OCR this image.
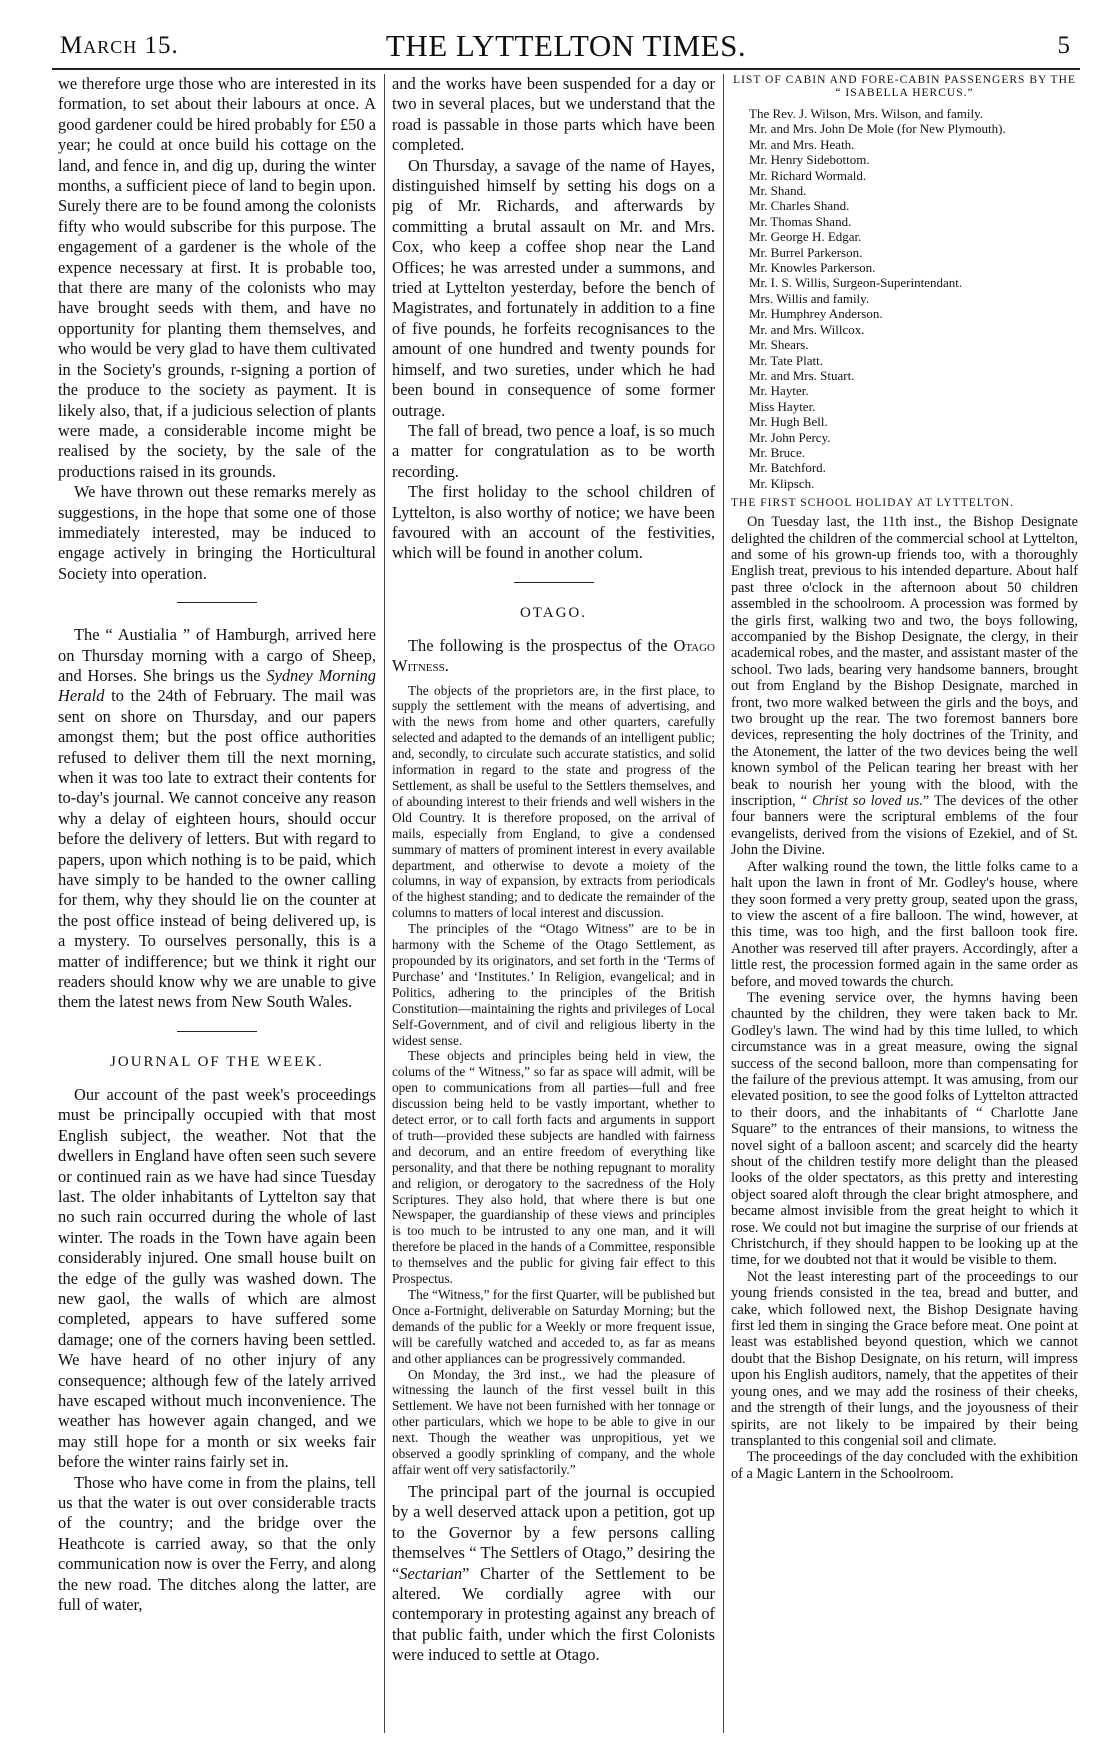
March 15.	THE LYTTELTON TIMES.	5

we therefore urge those who are interested in its formation, to set about their labours at once. A good gardener could be hired probably for £50 a year; he could at once build his cottage on the land, and fence in, and dig up, during the winter months, a sufficient piece of land to begin upon. Surely there are to be found among the colonists fifty who would subscribe for this purpose. The engagement of a gardener is the whole of the expence necessary at first. It is probable too, that there are many of the colonists who may have brought seeds with them, and have no opportunity for planting them themselves, and who would be very glad to have them cultivated in the Society's grounds, r-signing a portion of the produce to the society as payment. It is likely also, that, if a judicious selection of plants were made, a considerable income might be realised by the society, by the sale of the productions raised in its grounds.

We have thrown out these remarks merely as suggestions, in the hope that some one of those immediately interested, may be induced to engage actively in bringing the Horticultural Society into operation.

The “ Austialia ” of Hamburgh, arrived here on Thursday morning with a cargo of Sheep, and Horses. She brings us the Sydney Morning Herald to the 24th of February. The mail was sent on shore on Thursday, and our papers amongst them; but the post office authorities refused to deliver them till the next morning, when it was too late to extract their contents for to-day's journal. We cannot conceive any reason why a delay of eighteen hours, should occur before the delivery of letters. But with regard to papers, upon which nothing is to be paid, which have simply to be handed to the owner calling for them, why they should lie on the counter at the post office instead of being delivered up, is a mystery. To ourselves personally, this is a matter of indifference; but we think it right our readers should know why we are unable to give them the latest news from New South Wales.

JOURNAL OF THE WEEK.

Our account of the past week's proceedings must be principally occupied with that most English subject, the weather. Not that the dwellers in England have often seen such severe or continued rain as we have had since Tuesday last. The older inhabitants of Lyttelton say that no such rain occurred during the whole of last winter. The roads in the Town have again been considerably injured. One small house built on the edge of the gully was washed down. The new gaol, the walls of which are almost completed, appears to have suffered some damage; one of the corners having been settled. We have heard of no other injury of any consequence; although few of the lately arrived have escaped without much inconvenience. The weather has however again changed, and we may still hope for a month or six weeks fair before the winter rains fairly set in.

Those who have come in from the plains, tell us that the water is out over considerable tracts of the country; and the bridge over the Heathcote is carried away, so that the only communication now is over the Ferry, and along the new road. The ditches along the latter, are full of water,

and the works have been suspended for a day or two in several places, but we understand that the road is passable in those parts which have been completed.

On Thursday, a savage of the name of Hayes, distinguished himself by setting his dogs on a pig of Mr. Richards, and afterwards by committing a brutal assault on Mr. and Mrs. Cox, who keep a coffee shop near the Land Offices; he was arrested under a summons, and tried at Lyttelton yesterday, before the bench of Magistrates, and fortunately in addition to a fine of five pounds, he forfeits recognisances to the amount of one hundred and twenty pounds for himself, and two sureties, under which he had been bound in consequence of some former outrage.

The fall of bread, two pence a loaf, is so much a matter for congratulation as to be worth recording.

The first holiday to the school children of Lyttelton, is also worthy of notice; we have been favoured with an account of the festivities, which will be found in another colum.

OTAGO.

The following is the prospectus of the Otago Witness.

The objects of the proprietors are, in the first place, to supply the settlement with the means of advertising, and with the news from home and other quarters, carefully selected and adapted to the demands of an intelligent public; and, secondly, to circulate such accurate statistics, and solid information in regard to the state and progress of the Settlement, as shall be useful to the Settlers themselves, and of abounding interest to their friends and well wishers in the Old Country. It is therefore proposed, on the arrival of mails, especially from England, to give a condensed summary of matters of prominent interest in every available department, and otherwise to devote a moiety of the columns, in way of expansion, by extracts from periodicals of the highest standing; and to dedicate the remainder of the columns to matters of local interest and discussion.

The principles of the “Otago Witness” are to be in harmony with the Scheme of the Otago Settlement, as propounded by its originators, and set forth in the ‘Terms of Purchase’ and ‘Institutes.’ In Religion, evangelical; and in Politics, adhering to the principles of the British Constitution—maintaining the rights and privileges of Local Self-Government, and of civil and religious liberty in the widest sense.

These objects and principles being held in view, the colums of the “ Witness,” so far as space will admit, will be open to communications from all parties—full and free discussion being held to be vastly important, whether to detect error, or to call forth facts and arguments in support of truth—provided these subjects are handled with fairness and decorum, and an entire freedom of everything like personality, and that there be nothing repugnant to morality and religion, or derogatory to the sacredness of the Holy Scriptures. They also hold, that where there is but one Newspaper, the guardianship of these views and principles is too much to be intrusted to any one man, and it will therefore be placed in the hands of a Committee, responsible to themselves and the public for giving fair effect to this Prospectus.

The “Witness,” for the first Quarter, will be published but Once a-Fortnight, deliverable on Saturday Morning; but the demands of the public for a Weekly or more frequent issue, will be carefully watched and acceded to, as far as means and other appliances can be progressively commanded.

On Monday, the 3rd inst., we had the pleasure of witnessing the launch of the first vessel built in this Settlement. We have not been furnished with her tonnage or other particulars, which we hope to be able to give in our next. Though the weather was unpropitious, yet we observed a goodly sprinkling of company, and the whole affair went off very satisfactorily.”

The principal part of the journal is occupied by a well deserved attack upon a petition, got up to the Governor by a few persons calling themselves “ The Settlers of Otago,” desiring the “Sectarian” Charter of the Settlement to be altered. We cordially agree with our contemporary in protesting against any breach of that public faith, under which the first Colonists were induced to settle at Otago.

LIST OF CABIN AND FORE-CABIN PASSENGERS BY THE “ ISABELLA HERCUS.”
The Rev. J. Wilson, Mrs. Wilson, and family.
Mr. and Mrs. John De Mole (for New Plymouth).
Mr. and Mrs. Heath.
Mr. Henry Sidebottom.
Mr. Richard Wormald.
Mr. Shand.
Mr. Charles Shand.
Mr. Thomas Shand.
Mr. George H. Edgar.
Mr. Burrel Parkerson.
Mr. Knowles Parkerson.
Mr. I. S. Willis, Surgeon-Superintendant.
Mrs. Willis and family.
Mr. Humphrey Anderson.
Mr. and Mrs. Willcox.
Mr. Shears.
Mr. Tate Platt.
Mr. and Mrs. Stuart.
Mr. Hayter.
Miss Hayter.
Mr. Hugh Bell.
Mr. John Percy.
Mr. Bruce.
Mr. Batchford.
Mr. Klipsch.
THE FIRST SCHOOL HOLIDAY AT LYTTELTON.

On Tuesday last, the 11th inst., the Bishop Designate delighted the children of the commercial school at Lyttelton, and some of his grown-up friends too, with a thoroughly English treat, previous to his intended departure. About half past three o'clock in the afternoon about 50 children assembled in the schoolroom. A procession was formed by the girls first, walking two and two, the boys following, accompanied by the Bishop Designate, the clergy, in their academical robes, and the master, and assistant master of the school. Two lads, bearing very handsome banners, brought out from England by the Bishop Designate, marched in front, two more walked between the girls and the boys, and two brought up the rear. The two foremost banners bore devices, representing the holy doctrines of the Trinity, and the Atonement, the latter of the two devices being the well known symbol of the Pelican tearing her breast with her beak to nourish her young with the blood, with the inscription, “ Christ so loved us.” The devices of the other four banners were the scriptural emblems of the four evangelists, derived from the visions of Ezekiel, and of St. John the Divine.

After walking round the town, the little folks came to a halt upon the lawn in front of Mr. Godley's house, where they soon formed a very pretty group, seated upon the grass, to view the ascent of a fire balloon. The wind, however, at this time, was too high, and the first balloon took fire. Another was reserved till after prayers. Accordingly, after a little rest, the procession formed again in the same order as before, and moved towards the church.

The evening service over, the hymns having been chaunted by the children, they were taken back to Mr. Godley's lawn. The wind had by this time lulled, to which circumstance was in a great measure, owing the signal success of the second balloon, more than compensating for the failure of the previous attempt. It was amusing, from our elevated position, to see the good folks of Lyttelton attracted to their doors, and the inhabitants of “ Charlotte Jane Square” to the entrances of their mansions, to witness the novel sight of a balloon ascent; and scarcely did the hearty shout of the children testify more delight than the pleased looks of the older spectators, as this pretty and interesting object soared aloft through the clear bright atmosphere, and became almost invisible from the great height to which it rose. We could not but imagine the surprise of our friends at Christchurch, if they should happen to be looking up at the time, for we doubted not that it would be visible to them.

Not the least interesting part of the proceedings to our young friends consisted in the tea, bread and butter, and cake, which followed next, the Bishop Designate having first led them in singing the Grace before meat. One point at least was established beyond question, which we cannot doubt that the Bishop Designate, on his return, will impress upon his English auditors, namely, that the appetites of their young ones, and we may add the rosiness of their cheeks, and the strength of their lungs, and the joyousness of their spirits, are not likely to be impaired by their being transplanted to this congenial soil and climate.

The proceedings of the day concluded with the exhibition of a Magic Lantern in the Schoolroom.
